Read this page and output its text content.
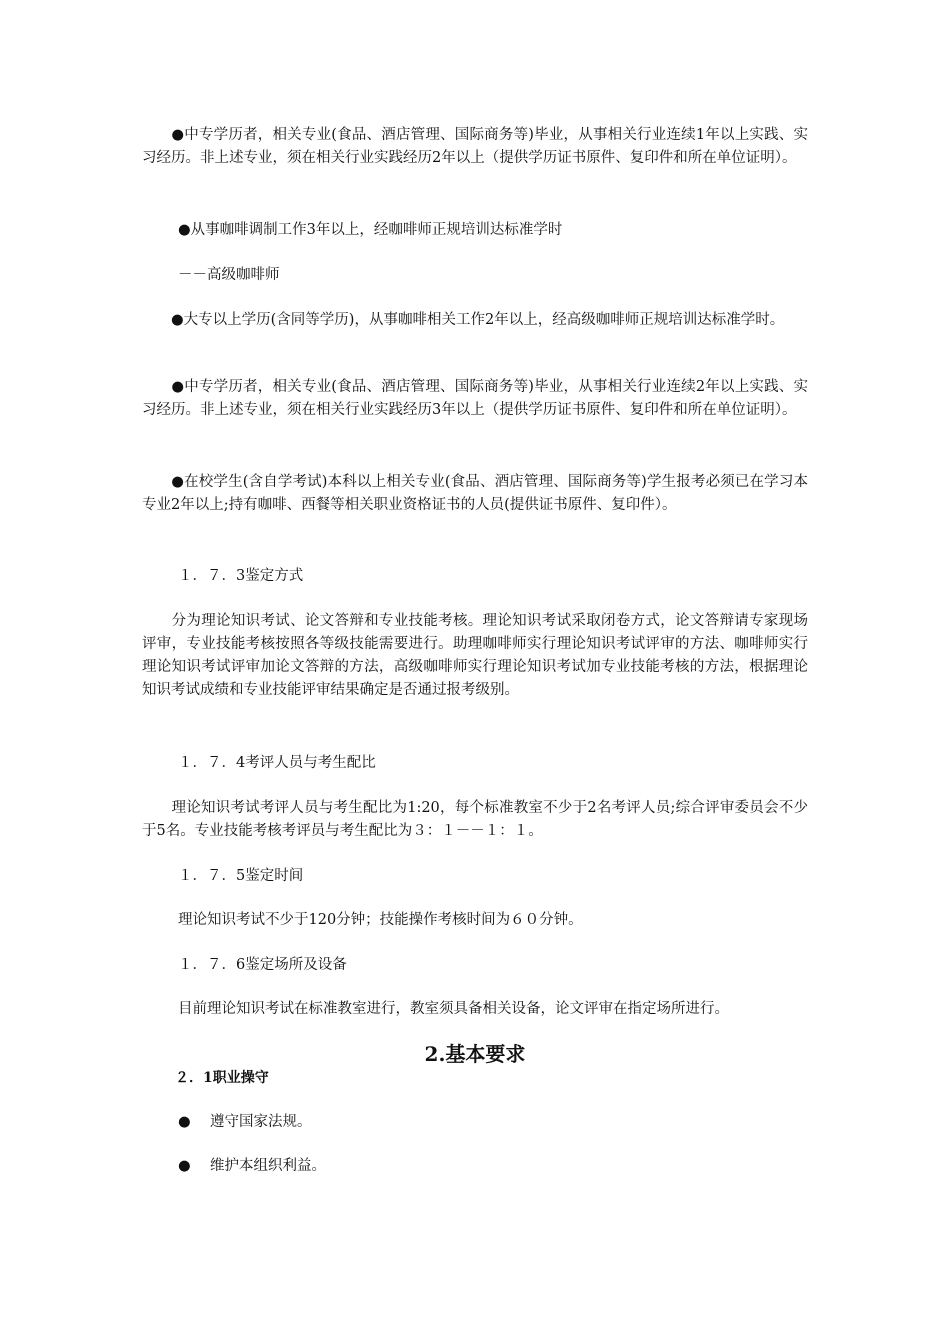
　　●中专学历者，相关专业(食品、酒店管理、国际商务等)毕业，从事相关行业连续1年以上实践、实习经历。非上述专业，须在相关行业实践经历2年以上（提供学历证书原件、复印件和所在单位证明）。

●从事咖啡调制工作3年以上，经咖啡师正规培训达标准学时

－－高级咖啡师

　　●大专以上学历(含同等学历)，从事咖啡相关工作2年以上，经高级咖啡师正规培训达标准学时。

　　●中专学历者，相关专业(食品、酒店管理、国际商务等)毕业，从事相关行业连续2年以上实践、实习经历。非上述专业，须在相关行业实践经历3年以上（提供学历证书原件、复印件和所在单位证明）。

　　●在校学生(含自学考试)本科以上相关专业(食品、酒店管理、国际商务等)学生报考必须已在学习本专业2年以上;持有咖啡、西餐等相关职业资格证书的人员(提供证书原件、复印件）。

１．７．3鉴定方式

　　分为理论知识考试、论文答辩和专业技能考核。理论知识考试采取闭卷方式，论文答辩请专家现场评审，专业技能考核按照各等级技能需要进行。助理咖啡师实行理论知识考试评审的方法、咖啡师实行理论知识考试评审加论文答辩的方法，高级咖啡师实行理论知识考试加专业技能考核的方法，根据理论知识考试成绩和专业技能评审结果确定是否通过报考级别。

１．７．4考评人员与考生配比

　　理论知识考试考评人员与考生配比为1:20，每个标准教室不少于2名考评人员;综合评审委员会不少于5名。专业技能考核考评员与考生配比为３：１－－１：１。

１．７．5鉴定时间

理论知识考试不少于120分钟；技能操作考核时间为６０分钟。

１．７．6鉴定场所及设备

目前理论知识考试在标准教室进行，教室须具备相关设备，论文评审在指定场所进行。

2.基本要求
２．1职业操守

● 遵守国家法规。

● 维护本组织利益。
